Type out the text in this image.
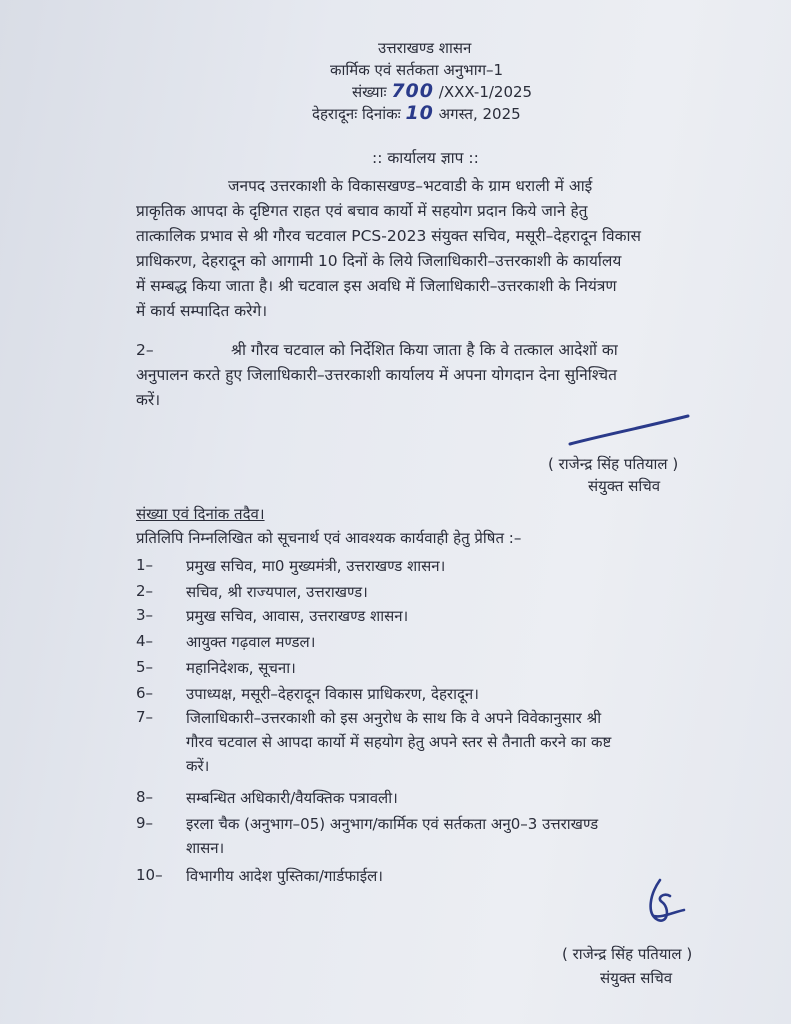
उत्तराखण्ड शासन
कार्मिक एवं सर्तकता अनुभाग–1
संख्याः 700 /XXX-1/2025
देहरादूनः दिनांकः 10 अगस्त, 2025
:: कार्यालय ज्ञाप ::
जनपद उत्तरकाशी के विकासखण्ड–भटवाडी के ग्राम धराली में आई
प्राकृतिक आपदा के दृष्टिगत राहत एवं बचाव कार्यो में सहयोग प्रदान किये जाने हेतु
तात्कालिक प्रभाव से श्री गौरव चटवाल PCS-2023 संयुक्त सचिव, मसूरी–देहरादून विकास
प्राधिकरण, देहरादून को आगामी 10 दिनों के लिये जिलाधिकारी–उत्तरकाशी के कार्यालय
में सम्बद्ध किया जाता है। श्री चटवाल इस अवधि में जिलाधिकारी–उत्तरकाशी के नियंत्रण
में कार्य सम्पादित करेगे।
2–	श्री गौरव चटवाल को निर्देशित किया जाता है कि वे तत्काल आदेशों का
अनुपालन करते हुए जिलाधिकारी–उत्तरकाशी कार्यालय में अपना योगदान देना सुनिश्चित
करें।
( राजेन्द्र सिंह पतियाल )
संयुक्त सचिव
संख्या एवं दिनांक तदैव।
प्रतिलिपि निम्नलिखित को सूचनार्थ एवं आवश्यक कार्यवाही हेतु प्रेषित :–
1– प्रमुख सचिव, मा0 मुख्यमंत्री, उत्तराखण्ड शासन।
2– सचिव, श्री राज्यपाल, उत्तराखण्ड।
3– प्रमुख सचिव, आवास, उत्तराखण्ड शासन।
4– आयुक्त गढ़वाल मण्डल।
5– महानिदेशक, सूचना।
6– उपाध्यक्ष, मसूरी–देहरादून विकास प्राधिकरण, देहरादून।
7– जिलाधिकारी–उत्तरकाशी को इस अनुरोध के साथ कि वे अपने विवेकानुसार श्री
गौरव चटवाल से आपदा कार्यो में सहयोग हेतु अपने स्तर से तैनाती करने का कष्ट
करें।
8– सम्बन्धित अधिकारी/वैयक्तिक पत्रावली।
9– इरला चैक (अनुभाग–05) अनुभाग/कार्मिक एवं सर्तकता अनु0–3 उत्तराखण्ड
शासन।
10– विभागीय आदेश पुस्तिका/गार्डफाईल।
( राजेन्द्र सिंह पतियाल )
संयुक्त सचिव
